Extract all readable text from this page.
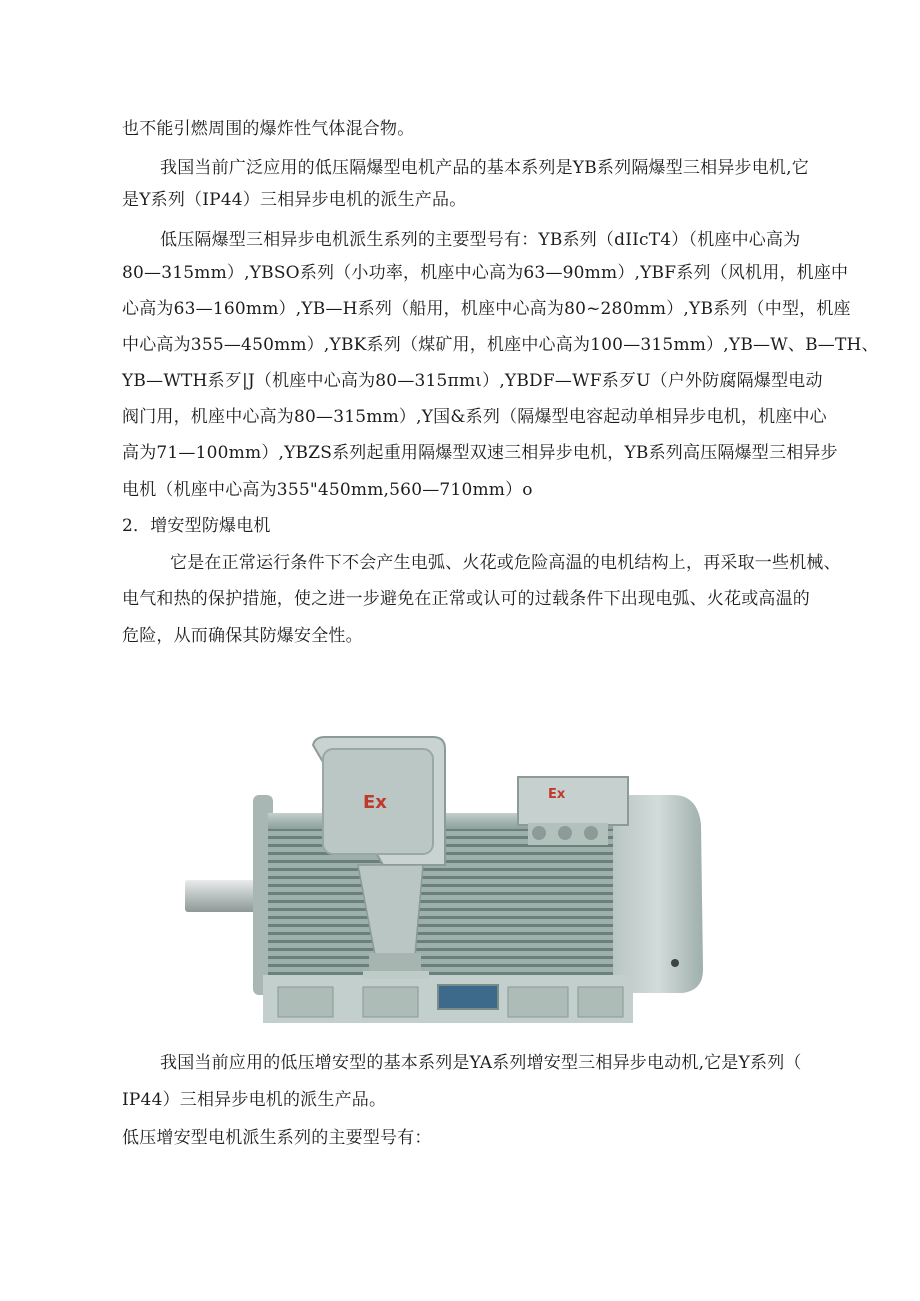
也不能引燃周围的爆炸性气体混合物。
我国当前广泛应用的低压隔爆型电机产品的基本系列是YB系列隔爆型三相异步电机,它
是Y系列（IP44）三相异步电机的派生产品。
低压隔爆型三相异步电机派生系列的主要型号有：YB系列（dIIcT4）（机座中心高为
80—315mm）,YBSO系列（小功率，机座中心高为63—90mm）,YBF系列（风机用，机座中
心高为63—160mm）,YB—H系列（船用，机座中心高为80~280mm）,YB系列（中型，机座
中心高为355—450mm）,YBK系列（煤矿用，机座中心高为100—315mm）,YB—W、B—TH、
YB—WTH系歹|J（机座中心高为80—315πmι）,YBDF—WF系歹U（户外防腐隔爆型电动
阀门用，机座中心高为80—315mm）,Y国&系列（隔爆型电容起动单相异步电机，机座中心
高为71—100mm）,YBZS系列起重用隔爆型双速三相异步电机，YB系列高压隔爆型三相异步
电机（机座中心高为355"450mm,560—710mm）o
2．增安型防爆电机
它是在正常运行条件下不会产生电弧、火花或危险高温的电机结构上，再采取一些机械、
电气和热的保护措施，使之进一步避免在正常或认可的过载条件下出现电弧、火花或高温的
危险，从而确保其防爆安全性。
Ex	Ex
我国当前应用的低压增安型的基本系列是YA系列增安型三相异步电动机,它是Y系列（
IP44）三相异步电机的派生产品。
低压增安型电机派生系列的主要型号有：
